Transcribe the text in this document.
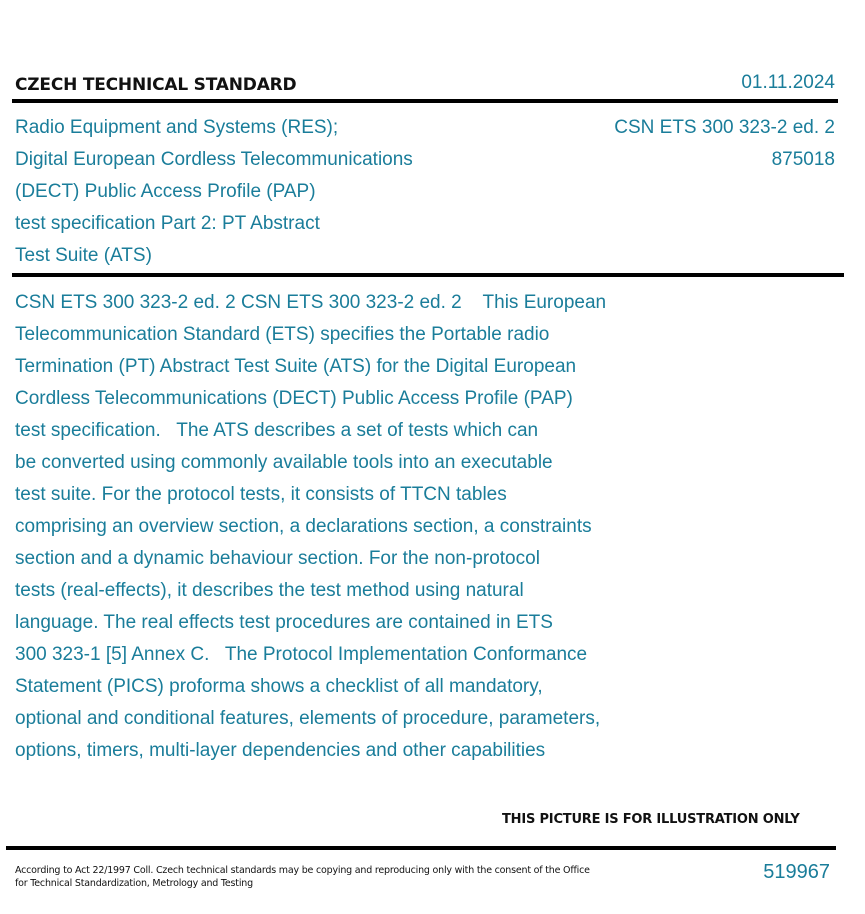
CZECH TECHNICAL STANDARD	01.11.2024
Radio Equipment and Systems (RES);
Digital European Cordless Telecommunications
(DECT) Public Access Profile (PAP)
test specification Part 2: PT Abstract
Test Suite (ATS)
CSN ETS 300 323-2 ed. 2
875018
CSN ETS 300 323-2 ed. 2 CSN ETS 300 323-2 ed. 2    This European
Telecommunication Standard (ETS) specifies the Portable radio
Termination (PT) Abstract Test Suite (ATS) for the Digital European
Cordless Telecommunications (DECT) Public Access Profile (PAP)
test specification.   The ATS describes a set of tests which can
be converted using commonly available tools into an executable
test suite. For the protocol tests, it consists of TTCN tables
comprising an overview section, a declarations section, a constraints
section and a dynamic behaviour section. For the non-protocol
tests (real-effects), it describes the test method using natural
language. The real effects test procedures are contained in ETS
300 323-1 [5] Annex C.   The Protocol Implementation Conformance
Statement (PICS) proforma shows a checklist of all mandatory,
optional and conditional features, elements of procedure, parameters,
options, timers, multi-layer dependencies and other capabilities
THIS PICTURE IS FOR ILLUSTRATION ONLY
According to Act 22/1997 Coll. Czech technical standards may be copying and reproducing only with the consent of the Office
for Technical Standardization, Metrology and Testing
519967
